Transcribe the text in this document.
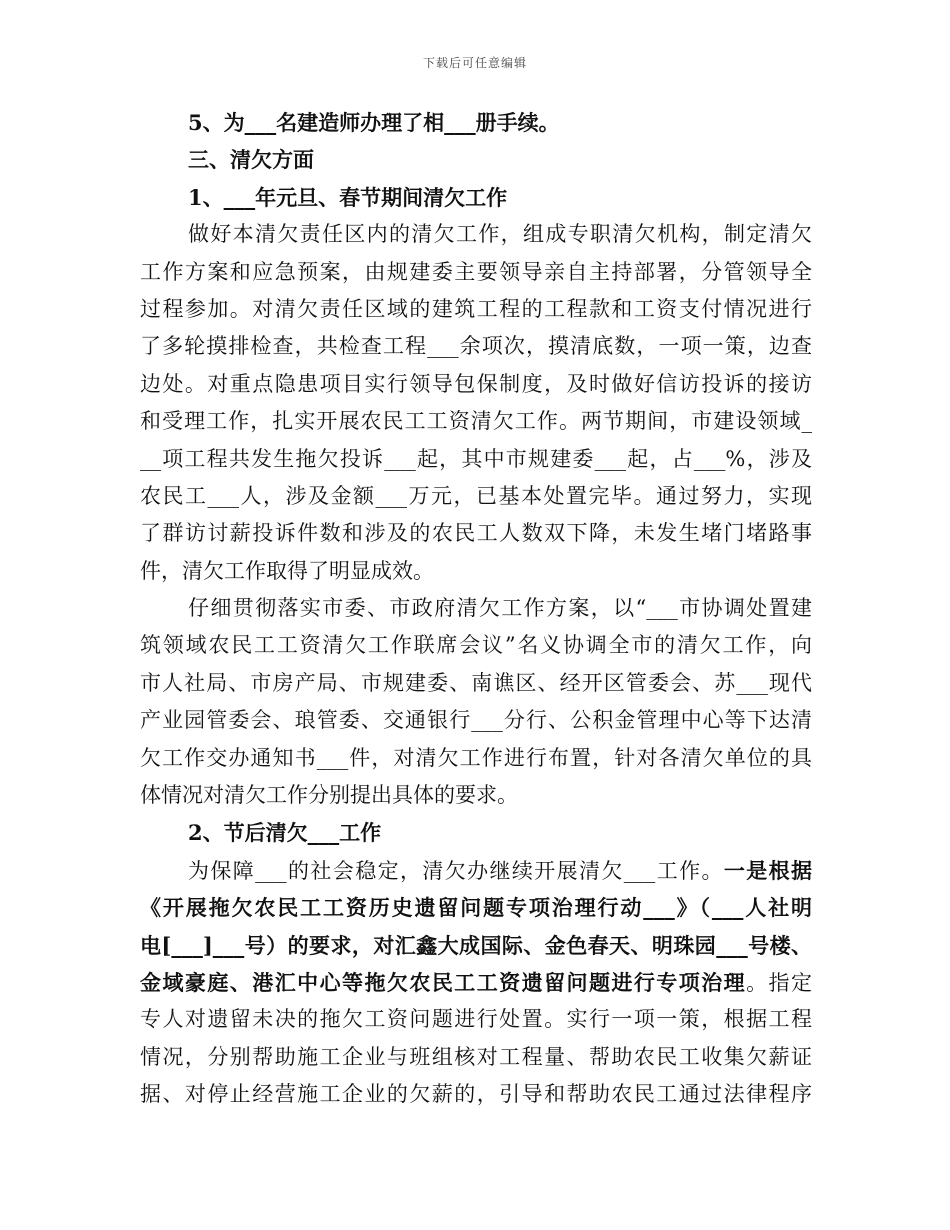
下载后可任意编辑
5、为___名建造师办理了相___册手续。
三、清欠方面
1、___年元旦、春节期间清欠工作
做好本清欠责任区内的清欠工作，组成专职清欠机构，制定清欠
工作方案和应急预案，由规建委主要领导亲自主持部署，分管领导全
过程参加。对清欠责任区域的建筑工程的工程款和工资支付情况进行
了多轮摸排检查，共检查工程___余项次，摸清底数，一项一策，边查
边处。对重点隐患项目实行领导包保制度，及时做好信访投诉的接访
和受理工作，扎实开展农民工工资清欠工作。两节期间，市建设领域_
__项工程共发生拖欠投诉___起，其中市规建委___起，占___%，涉及
农民工___人，涉及金额___万元，已基本处置完毕。通过努力，实现
了群访讨薪投诉件数和涉及的农民工人数双下降，未发生堵门堵路事
件，清欠工作取得了明显成效。
仔细贯彻落实市委、市政府清欠工作方案，以“___市协调处置建
筑领域农民工工资清欠工作联席会议”名义协调全市的清欠工作，向
市人社局、市房产局、市规建委、南谯区、经开区管委会、苏___现代
产业园管委会、琅管委、交通银行___分行、公积金管理中心等下达清
欠工作交办通知书___件，对清欠工作进行布置，针对各清欠单位的具
体情况对清欠工作分别提出具体的要求。
2、节后清欠___工作
为保障___的社会稳定，清欠办继续开展清欠___工作。一是根据
《开展拖欠农民工工资历史遗留问题专项治理行动___》（___人社明
电[___]___号）的要求，对汇鑫大成国际、金色春天、明珠园___号楼、
金域豪庭、港汇中心等拖欠农民工工资遗留问题进行专项治理。指定
专人对遗留未决的拖欠工资问题进行处置。实行一项一策，根据工程
情况，分别帮助施工企业与班组核对工程量、帮助农民工收集欠薪证
据、对停止经营施工企业的欠薪的，引导和帮助农民工通过法律程序
